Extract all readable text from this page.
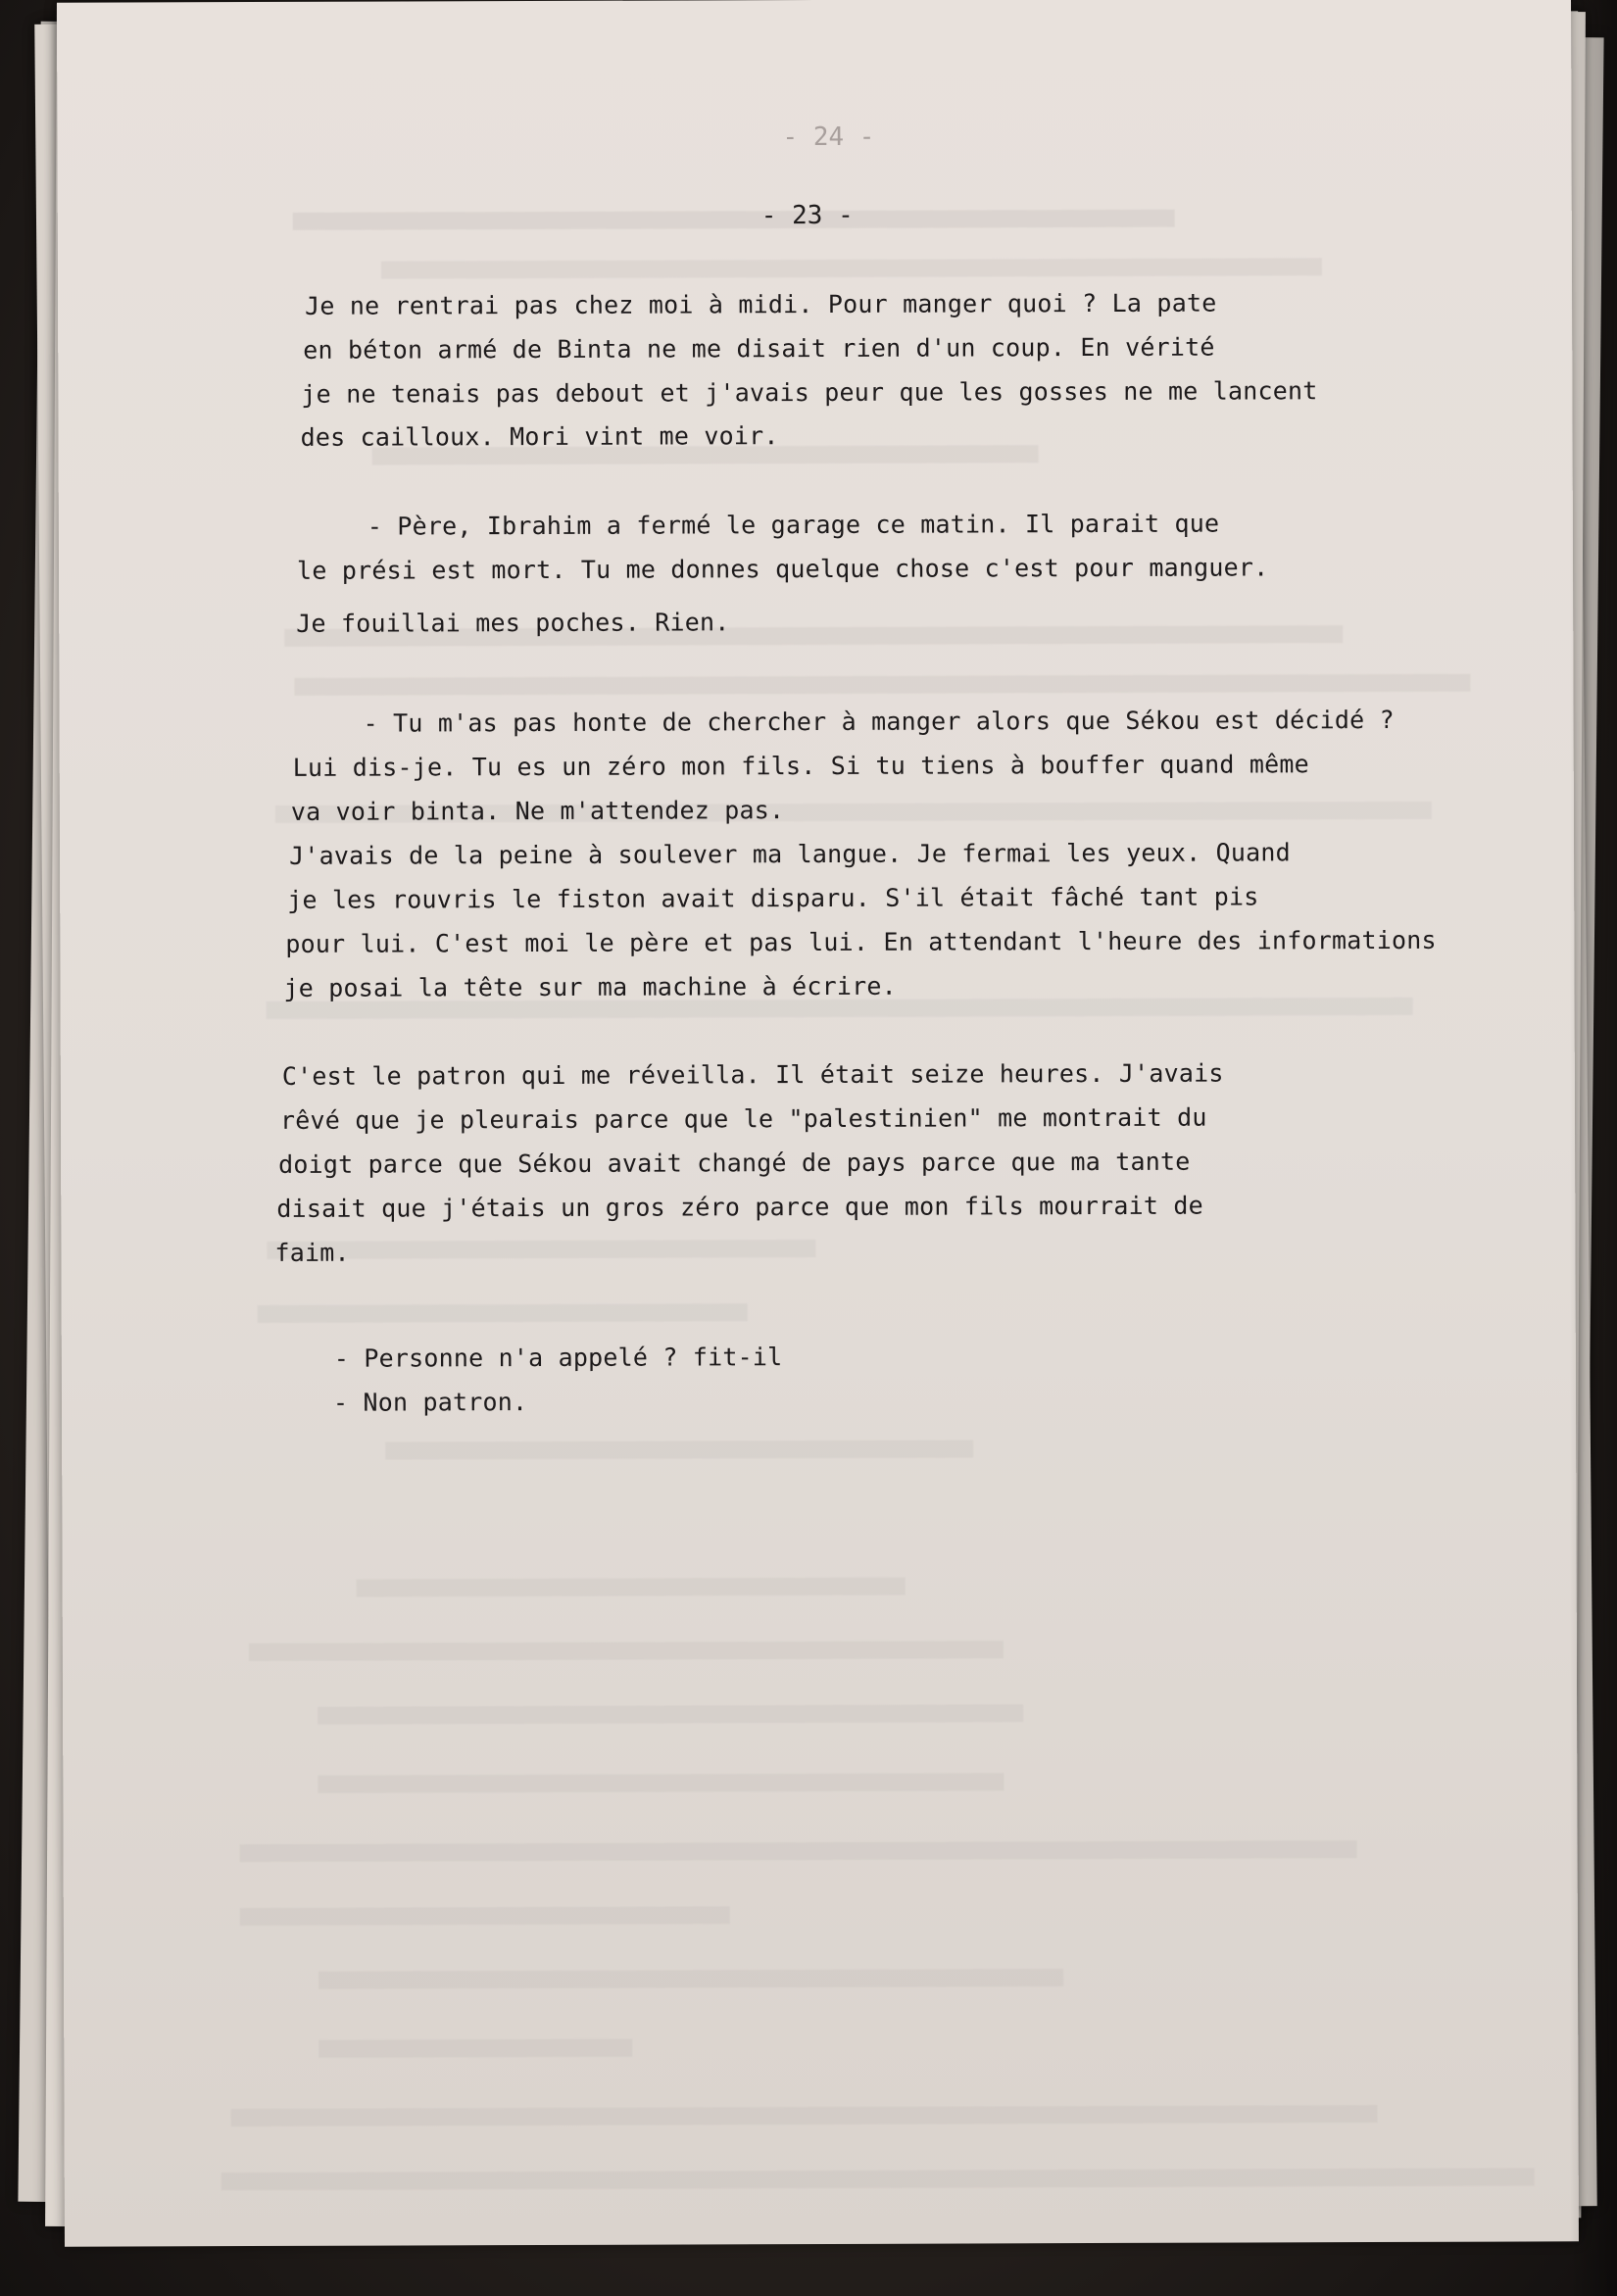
- 24 -
- 23 -
Je ne rentrai pas chez moi à midi. Pour manger quoi ? La pate
en béton armé de Binta ne me disait rien d'un coup. En vérité
je ne tenais pas debout et j'avais peur que les gosses ne me lancent
des cailloux. Mori vint me voir.
- Père, Ibrahim a fermé le garage ce matin. Il parait que
le prési est mort. Tu me donnes quelque chose c'est pour manguer.
Je fouillai mes poches. Rien.
- Tu m'as pas honte de chercher à manger alors que Sékou est décidé ?
Lui dis-je. Tu es un zéro mon fils. Si tu tiens à bouffer quand même
va voir binta. Ne m'attendez pas.
J'avais de la peine à soulever ma langue. Je fermai les yeux. Quand
je les rouvris le fiston avait disparu. S'il était fâché tant pis
pour lui. C'est moi le père et pas lui. En attendant l'heure des informations
je posai la tête sur ma machine à écrire.
C'est le patron qui me réveilla. Il était seize heures. J'avais
rêvé que je pleurais parce que le "palestinien" me montrait du
doigt parce que Sékou avait changé de pays parce que ma tante
disait que j'étais un gros zéro parce que mon fils mourrait de
faim.
- Personne n'a appelé ? fit-il
- Non patron.
